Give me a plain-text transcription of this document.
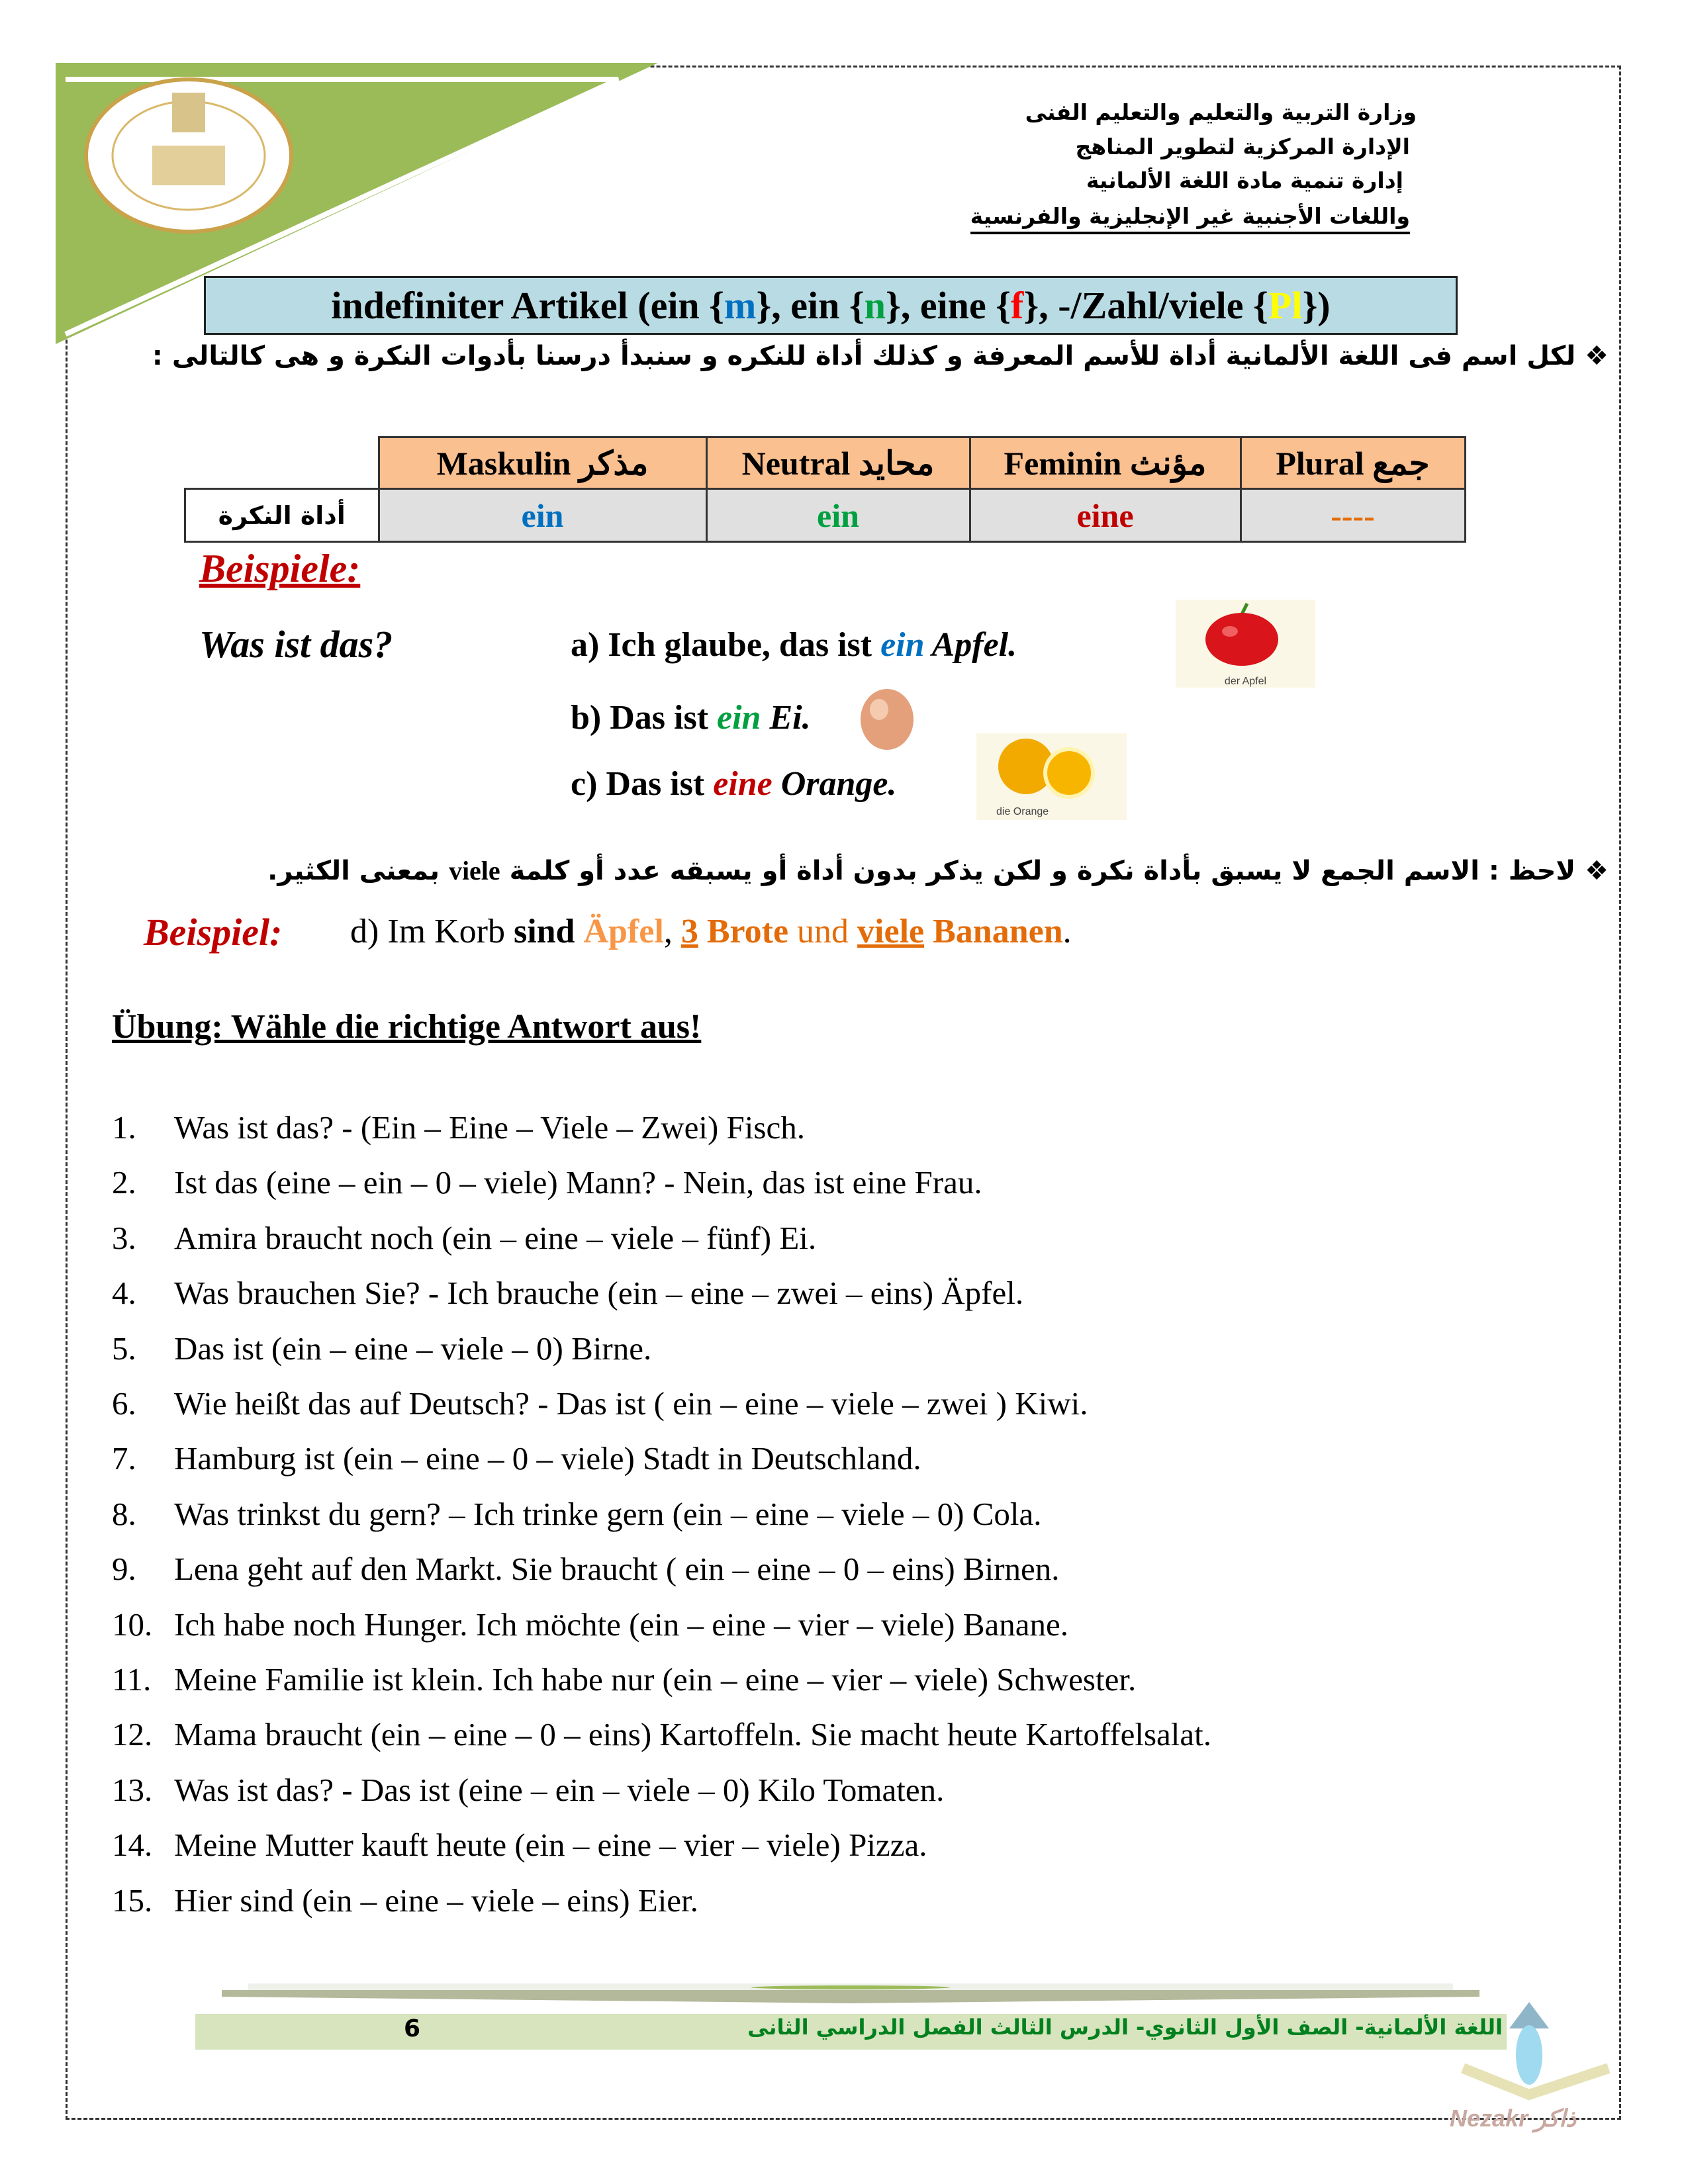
وزارة التربية والتعليم والتعليم الفنى
الإدارة المركزية لتطوير المناهج
إدارة تنمية مادة اللغة الألمانية
واللغات الأجنبية غير الإنجليزية والفرنسية
indefiniter Artikel (ein { m }, ein { n }, eine { f }, -/Zahl/viele { Pl })
❖ لكل اسم فى اللغة الألمانية أداة للأسم المعرفة و كذلك أداة للنكره و سنبدأ درسنا بأدوات النكرة و هى كالتالى :
	Maskulin مذكر	Neutral محايد	Feminin مؤنث	Plural جمع
أداة النكرة	ein	ein	eine	----
Beispiele:
Was ist das?	a) Ich glaube, das ist ein Apfel.
b) Das ist ein Ei.
c) Das ist eine Orange.
der Apfel
die Orange
❖ لاحظ : الاسم الجمع لا يسبق بأداة نكرة و لكن يذكر بدون أداة أو يسبقه عدد أو كلمة viele بمعنى الكثير.
Beispiel: d) Im Korb sind Äpfel, 3 Brote und viele Bananen.
Übung: Wähle die richtige Antwort aus!
1. Was ist das? - (Ein – Eine – Viele – Zwei) Fisch.
2. Ist das (eine – ein – 0 – viele) Mann? - Nein, das ist eine Frau.
3. Amira braucht noch (ein – eine – viele – fünf) Ei.
4. Was brauchen Sie? - Ich brauche (ein – eine – zwei – eins) Äpfel.
5. Das ist (ein – eine – viele – 0) Birne.
6. Wie heißt das auf Deutsch? - Das ist ( ein – eine – viele – zwei ) Kiwi.
7. Hamburg ist (ein – eine – 0 – viele) Stadt in Deutschland.
8. Was trinkst du gern? – Ich trinke gern (ein – eine – viele – 0) Cola.
9. Lena geht auf den Markt. Sie braucht ( ein – eine – 0 – eins) Birnen.
10. Ich habe noch Hunger. Ich möchte (ein – eine – vier – viele) Banane.
11. Meine Familie ist klein. Ich habe nur (ein – eine – vier – viele) Schwester.
12. Mama braucht (ein – eine – 0 – eins) Kartoffeln. Sie macht heute Kartoffelsalat.
13. Was ist das? - Das ist (eine – ein – viele – 0) Kilo Tomaten.
14. Meine Mutter kauft heute (ein – eine – vier – viele) Pizza.
15. Hier sind (ein – eine – viele – eins) Eier.
6	اللغة الألمانية- الصف الأول الثانوي- الدرس الثالث الفصل الدراسي الثانى
Nezakr ذاكر
